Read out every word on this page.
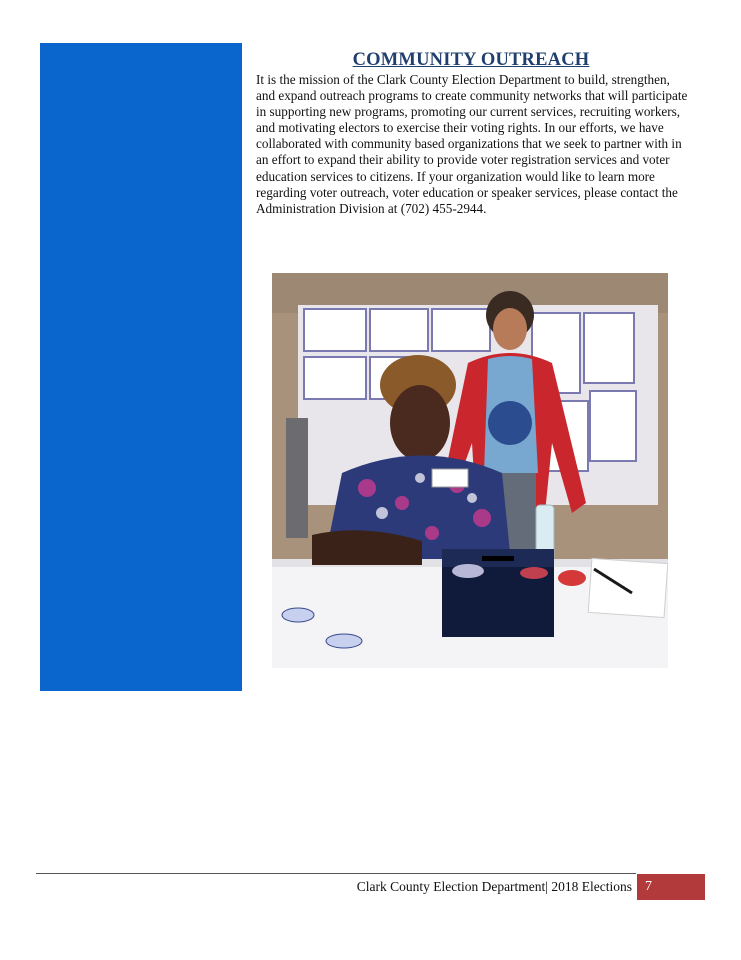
COMMUNITY OUTREACH

It is the mission of the Clark County Election Department to build, strengthen, and expand outreach programs to create community networks that will participate in supporting new programs, promoting our current services, recruiting workers, and motivating electors to exercise their voting rights. In our efforts, we have collaborated with community based organizations that we seek to partner with in an effort to expand their ability to provide voter registration services and voter education services to citizens. If your organization would like to learn more regarding voter outreach, voter education or speaker services, please contact the Administration Division at (702) 455-2944.

Clark County Election Department| 2018 Elections 7
